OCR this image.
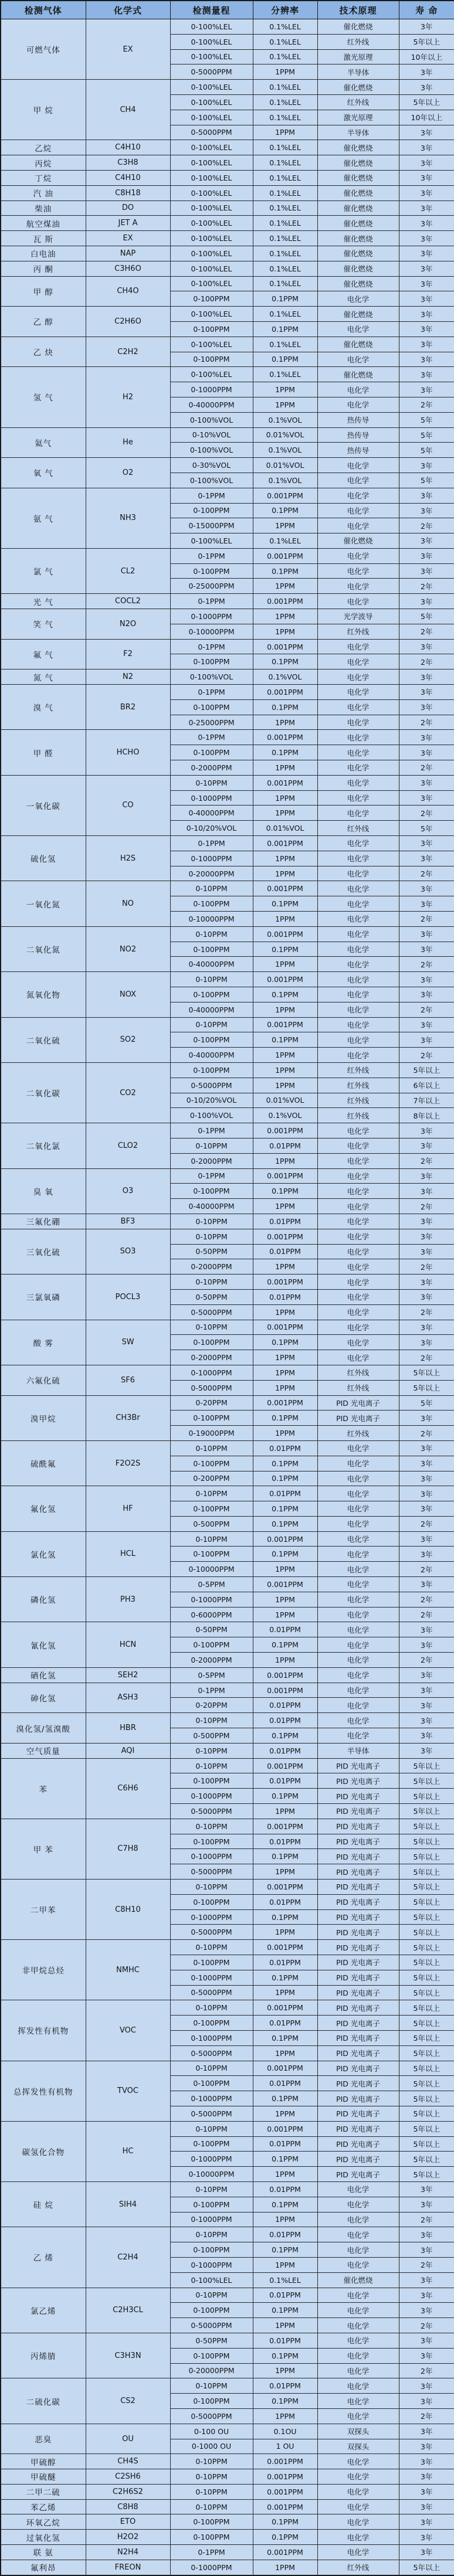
检测气体	化学式	检测量程	分辨率	技术原理	寿 命
可燃气体	EX	0-100%LEL	0.1%LEL	催化燃烧	3年
		0-100%LEL	0.1%LEL	红外线	5年以上
		0-100%LEL	0.1%LEL	激光原理	10年以上
		0-5000PPM	1PPM	半导体	3年
甲 烷	CH4	0-100%LEL	0.1%LEL	催化燃烧	3年
		0-100%LEL	0.1%LEL	红外线	5年以上
		0-100%LEL	0.1%LEL	激光原理	10年以上
		0-5000PPM	1PPM	半导体	3年
乙烷	C4H10	0-100%LEL	0.1%LEL	催化燃烧	3年
丙烷	C3H8	0-100%LEL	0.1%LEL	催化燃烧	3年
丁烷	C4H10	0-100%LEL	0.1%LEL	催化燃烧	3年
汽 油	C8H18	0-100%LEL	0.1%LEL	催化燃烧	3年
柴油	DO	0-100%LEL	0.1%LEL	催化燃烧	3年
航空煤油	JET A	0-100%LEL	0.1%LEL	催化燃烧	3年
瓦 斯	EX	0-100%LEL	0.1%LEL	催化燃烧	3年
白电油	NAP	0-100%LEL	0.1%LEL	催化燃烧	3年
丙 酮	C3H6O	0-100%LEL	0.1%LEL	催化燃烧	3年
甲 醇	CH4O	0-100%LEL	0.1%LEL	催化燃烧	3年
		0-100PPM	0.1PPM	电化学	3年
乙 醇	C2H6O	0-100%LEL	0.1%LEL	催化燃烧	3年
		0-100PPM	0.1PPM	电化学	3年
乙 炔	C2H2	0-100%LEL	0.1%LEL	催化燃烧	3年
		0-100PPM	0.1PPM	电化学	3年
氢 气	H2	0-100%LEL	0.1%LEL	催化燃烧	3年
		0-1000PPM	1PPM	电化学	3年
		0-40000PPM	1PPM	电化学	2年
		0-100%VOL	0.1%VOL	热传导	5年
氦气	He	0-10%VOL	0.01%VOL	热传导	5年
		0-100%VOL	0.1%VOL	热传导	5年
氧 气	O2	0-30%VOL	0.01%VOL	电化学	3年
		0-100%VOL	0.1%VOL	电化学	5年
氨 气	NH3	0-1PPM	0.001PPM	电化学	3年
		0-100PPM	0.1PPM	电化学	3年
		0-15000PPM	1PPM	电化学	2年
		0-100%LEL	0.1%LEL	催化燃烧	3年
氯 气	CL2	0-1PPM	0.001PPM	电化学	3年
		0-100PPM	0.1PPM	电化学	3年
		0-25000PPM	1PPM	电化学	2年
光 气	COCL2	0-1PPM	0.001PPM	电化学	3年
笑 气	N2O	0-1000PPM	1PPM	光学波导	5年
		0-10000PPM	1PPM	红外线	2年
氟 气	F2	0-1PPM	0.001PPM	电化学	3年
		0-100PPM	0.1PPM	电化学	2年
氮 气	N2	0-100%VOL	0.1%VOL	电化学	3年
溴 气	BR2	0-1PPM	0.001PPM	电化学	3年
		0-100PPM	0.1PPM	电化学	3年
		0-25000PPM	1PPM	电化学	2年
甲 醛	HCHO	0-1PPM	0.001PPM	电化学	3年
		0-100PPM	0.1PPM	电化学	3年
		0-2000PPM	1PPM	电化学	2年
一氧化碳	CO	0-10PPM	0.001PPM	电化学	3年
		0-1000PPM	1PPM	电化学	3年
		0-40000PPM	1PPM	电化学	2年
		0-10/20%VOL	0.01%VOL	红外线	5年
硫化氢	H2S	0-1PPM	0.001PPM	电化学	3年
		0-1000PPM	1PPM	电化学	3年
		0-20000PPM	1PPM	电化学	2年
一氧化氮	NO	0-10PPM	0.001PPM	电化学	3年
		0-100PPM	0.1PPM	电化学	3年
		0-10000PPM	1PPM	电化学	2年
二氧化氮	NO2	0-10PPM	0.001PPM	电化学	3年
		0-100PPM	0.1PPM	电化学	3年
		0-40000PPM	1PPM	电化学	2年
氮氧化物	NOX	0-10PPM	0.001PPM	电化学	3年
		0-100PPM	0.1PPM	电化学	3年
		0-40000PPM	1PPM	电化学	2年
二氧化硫	SO2	0-10PPM	0.001PPM	电化学	3年
		0-100PPM	0.1PPM	电化学	3年
		0-40000PPM	1PPM	电化学	2年
二氧化碳	CO2	0-100PPM	1PPM	红外线	5年以上
		0-5000PPM	1PPM	红外线	6年以上
		0-10/20%VOL	0.01%VOL	红外线	7年以上
		0-100%VOL	0.1%VOL	红外线	8年以上
二氧化氯	CLO2	0-1PPM	0.001PPM	电化学	3年
		0-10PPM	0.01PPM	电化学	3年
		0-2000PPM	1PPM	电化学	2年
臭 氧	O3	0-1PPM	0.001PPM	电化学	3年
		0-100PPM	0.1PPM	电化学	3年
		0-40000PPM	1PPM	电化学	2年
三氟化硼	BF3	0-10PPM	0.01PPM	电化学	3年
三氧化硫	SO3	0-10PPM	0.001PPM	电化学	3年
		0-50PPM	0.01PPM	电化学	3年
		0-2000PPM	1PPM	电化学	2年
三氯氧磷	POCL3	0-10PPM	0.001PPM	电化学	3年
		0-50PPM	0.01PPM	电化学	3年
		0-5000PPM	1PPM	电化学	2年
酸 雾	SW	0-10PPM	0.001PPM	电化学	3年
		0-100PPM	0.1PPM	电化学	3年
		0-2000PPM	1PPM	电化学	2年
六氟化硫	SF6	0-1000PPM	1PPM	红外线	5年以上
		0-5000PPM	1PPM	红外线	5年以上
溴甲烷	CH3Br	0-20PPM	0.001PPM	PID 光电离子	5年
		0-100PPM	0.1PPM	PID 光电离子	3年
		0-19000PPM	1PPM	红外线	2年
硫酰氟	F2O2S	0-10PPM	0.01PPM	电化学	3年
		0-100PPM	0.1PPM	电化学	3年
		0-200PPM	0.1PPM	电化学	3年
氟化氢	HF	0-10PPM	0.01PPM	电化学	3年
		0-100PPM	0.1PPM	电化学	3年
		0-500PPM	0.1PPM	电化学	2年
氯化氢	HCL	0-10PPM	0.001PPM	电化学	3年
		0-100PPM	0.1PPM	电化学	3年
		0-10000PPM	1PPM	电化学	2年
磷化氢	PH3	0-5PPM	0.001PPM	电化学	3年
		0-1000PPM	1PPM	电化学	2年
		0-6000PPM	1PPM	电化学	2年
氰化氢	HCN	0-50PPM	0.01PPM	电化学	3年
		0-100PPM	0.1PPM	电化学	3年
		0-2000PPM	1PPM	电化学	2年
硒化氢	SEH2	0-5PPM	0.001PPM	电化学	3年
砷化氢	ASH3	0-1PPM	0.001PPM	电化学	3年
		0-20PPM	0.01PPM	电化学	3年
溴化氢/氢溴酸	HBR	0-10PPM	0.01PPM	电化学	3年
		0-500PPM	0.1PPM	电化学	3年
空气质量	AQI	0-10PPM	0.01PPM	半导体	3年
苯	C6H6	0-10PPM	0.001PPM	PID 光电离子	5年以上
		0-100PPM	0.01PPM	PID 光电离子	5年以上
		0-1000PPM	0.1PPM	PID 光电离子	5年以上
		0-5000PPM	1PPM	PID 光电离子	5年以上
甲 苯	C7H8	0-10PPM	0.001PPM	PID 光电离子	5年以上
		0-100PPM	0.01PPM	PID 光电离子	5年以上
		0-1000PPM	0.1PPM	PID 光电离子	5年以上
		0-5000PPM	1PPM	PID 光电离子	5年以上
二甲苯	C8H10	0-10PPM	0.001PPM	PID 光电离子	5年以上
		0-100PPM	0.01PPM	PID 光电离子	5年以上
		0-1000PPM	0.1PPM	PID 光电离子	5年以上
		0-5000PPM	1PPM	PID 光电离子	5年以上
非甲烷总烃	NMHC	0-10PPM	0.001PPM	PID 光电离子	5年以上
		0-100PPM	0.01PPM	PID 光电离子	5年以上
		0-1000PPM	0.1PPM	PID 光电离子	5年以上
		0-5000PPM	1PPM	PID 光电离子	5年以上
挥发性有机物	VOC	0-10PPM	0.001PPM	PID 光电离子	5年以上
		0-100PPM	0.01PPM	PID 光电离子	5年以上
		0-1000PPM	0.1PPM	PID 光电离子	5年以上
		0-5000PPM	1PPM	PID 光电离子	5年以上
总挥发性有机物	TVOC	0-10PPM	0.001PPM	PID 光电离子	5年以上
		0-100PPM	0.01PPM	PID 光电离子	5年以上
		0-1000PPM	0.1PPM	PID 光电离子	5年以上
		0-5000PPM	1PPM	PID 光电离子	5年以上
碳氢化合物	HC	0-10PPM	0.001PPM	PID 光电离子	5年以上
		0-100PPM	0.01PPM	PID 光电离子	5年以上
		0-1000PPM	0.1PPM	PID 光电离子	5年以上
		0-10000PPM	1PPM	PID 光电离子	5年以上
硅 烷	SIH4	0-10PPM	0.01PPM	电化学	3年
		0-100PPM	0.1PPM	电化学	3年
		0-1000PPM	1PPM	电化学	2年
乙 烯	C2H4	0-10PPM	0.01PPM	电化学	3年
		0-100PPM	0.1PPM	电化学	3年
		0-1000PPM	1PPM	电化学	2年
		0-100%LEL	0.1%LEL	催化燃烧	3年
氯乙烯	C2H3CL	0-10PPM	0.01PPM	电化学	3年
		0-100PPM	0.1PPM	电化学	3年
		0-5000PPM	1PPM	电化学	2年
丙烯腈	C3H3N	0-50PPM	0.01PPM	电化学	3年
		0-100PPM	0.1PPM	电化学	3年
		0-20000PPM	1PPM	电化学	2年
二硫化碳	CS2	0-10PPM	0.01PPM	电化学	3年
		0-100PPM	0.1PPM	电化学	3年
		0-5000PPM	1PPM	电化学	2年
恶臭	OU	0-100 OU	0.1OU	双探头	3年
		0-1000 OU	1 OU	双探头	3年
甲硫醇	CH4S	0-10PPM	0.001PPM	电化学	3年
甲硫醚	C2SH6	0-10PPM	0.001PPM	电化学	3年
二甲二硫	C2H6S2	0-10PPM	0.001PPM	电化学	3年
苯乙烯	C8H8	0-10PPM	0.001PPM	电化学	3年
环氧乙烷	ETO	0-100PPM	0.1PPM	电化学	3年
过氧化氢	H2O2	0-100PPM	0.1PPM	电化学	3年
联 氨	N2H4	0-1PPM	0.001PPM	电化学	3年
氟利昂	FREON	0-1000PPM	1PPM	红外线	5年以上
